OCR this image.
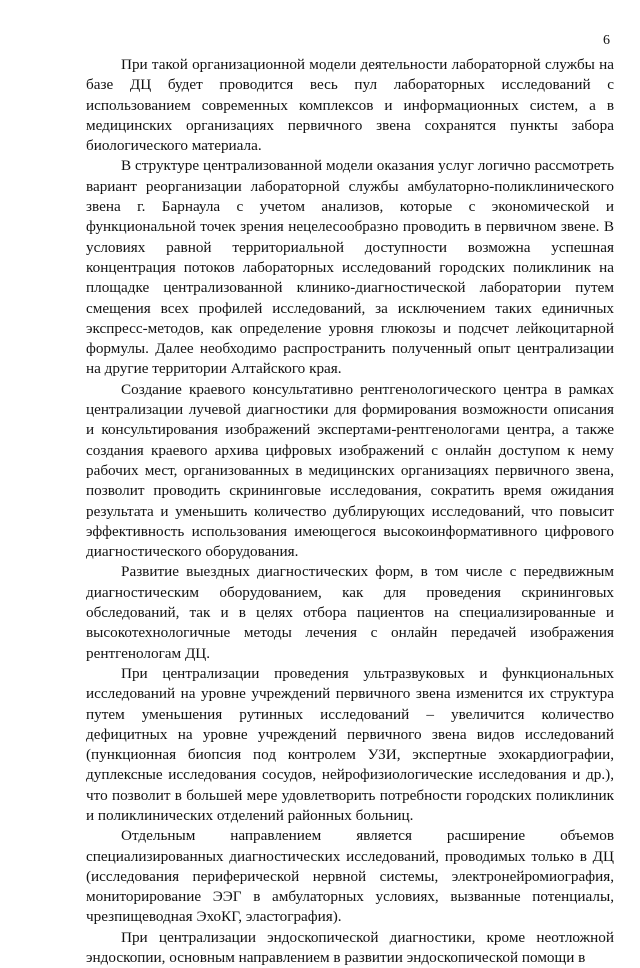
6

При такой организационной модели деятельности лабораторной службы на базе ДЦ будет проводится весь пул лабораторных исследований с использованием современных комплексов и информационных систем, а в медицинских организациях первичного звена сохранятся пункты забора биологического материала.

В структуре централизованной модели оказания услуг логично рассмотреть вариант реорганизации лабораторной службы амбулаторно-поликлинического звена г. Барнаула с учетом анализов, которые с экономической и функциональной точек зрения нецелесообразно проводить в первичном звене. В условиях равной территориальной доступности возможна успешная концентрация потоков лабораторных исследований городских поликлиник на площадке централизованной клинико-диагностической лаборатории путем смещения всех профилей исследований, за исключением таких единичных экспресс-методов, как определение уровня глюкозы и подсчет лейкоцитарной формулы. Далее необходимо распространить полученный опыт централизации на другие территории Алтайского края.

Создание краевого консультативно рентгенологического центра в рамках централизации лучевой диагностики для формирования возможности описания и консультирования изображений экспертами-рентгенологами центра, а также создания краевого архива цифровых изображений с онлайн доступом к нему рабочих мест, организованных в медицинских организациях первичного звена, позволит проводить скрининговые исследования, сократить время ожидания результата и уменьшить количество дублирующих исследований, что повысит эффективность использования имеющегося высокоинформативного цифрового диагностического оборудования.

Развитие выездных диагностических форм, в том числе с передвижным диагностическим оборудованием, как для проведения скрининговых обследований, так и в целях отбора пациентов на специализированные и высокотехнологичные методы лечения с онлайн передачей изображения рентгенологам ДЦ.

При централизации проведения ультразвуковых и функциональных исследований на уровне учреждений первичного звена изменится их структура путем уменьшения рутинных исследований – увеличится количество дефицитных на уровне учреждений первичного звена видов исследований (пункционная биопсия под контролем УЗИ, экспертные эхокардиографии, дуплексные исследования сосудов, нейрофизиологические исследования и др.), что позволит в большей мере удовлетворить потребности городских поликлиник и поликлинических отделений районных больниц.

Отдельным направлением является расширение объемов специализированных диагностических исследований, проводимых только в ДЦ (исследования периферической нервной системы, электронейромиография, мониторирование ЭЭГ в амбулаторных условиях, вызванные потенциалы, чрезпищеводная ЭхоКГ, эластография).

При централизации эндоскопической диагностики, кроме неотложной эндоскопии, основным направлением в развитии эндоскопической помощи в
